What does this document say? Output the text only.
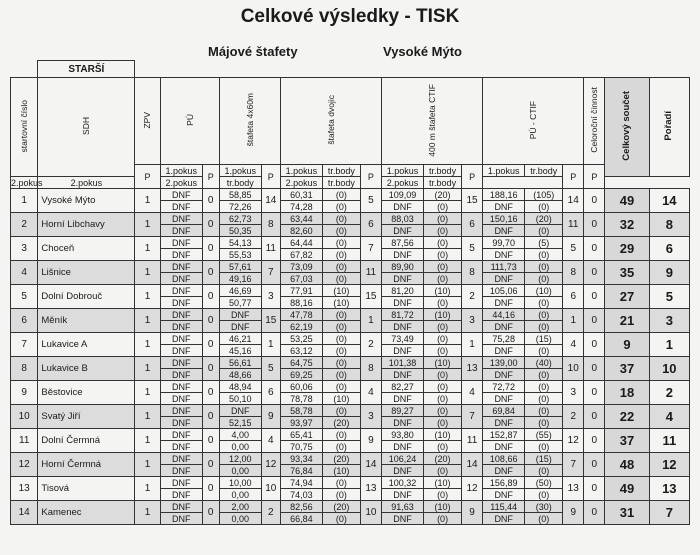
Celkové výsledky - TISK
Májové štafety	Vysoké Mýto
	STARŠÍ																	
startovní číslo	SDH	ZPV	PÚ		štafeta 4x60m		štafeta dvojic			400 m štafeta CTIF			PÚ - CTIF			Celoroční činnost	Celkový součet	Pořadí
		P	1.pokus	P	1.pokus	P	1.pokus	tr.body	P	1.pokus	tr.body	P	1.pokus	tr.body	P	P		
2.pokus	2.pokus		2.pokus		tr.body		2.pokus	tr.body		2.pokus	tr.body							
1	Vysoké Mýto	1	DNF	0	58,85	14	60,31	(0)	5	109,09	(20)	15	188,16	(105)	14	0	49	14
			DNF		72,26		74,28	(0)		DNF	(0)		DNF	(0)				
2	Horní Libchavy	1	DNF	0	62,73	8	63,44	(0)	6	88,03	(0)	6	150,16	(20)	11	0	32	8
			DNF		50,35		82,60	(0)		DNF	(0)		DNF	(0)				
3	Choceň	1	DNF	0	54,13	11	64,44	(0)	7	87,56	(0)	5	99,70	(5)	5	0	29	6
			DNF		55,53		67,82	(0)		DNF	(0)		DNF	(0)				
4	Lišnice	1	DNF	0	57,61	7	73,09	(0)	11	89,90	(0)	8	111,73	(0)	8	0	35	9
			DNF		49,16		67,03	(0)		DNF	(0)		DNF	(0)				
5	Dolní Dobrouč	1	DNF	0	46,69	3	77,91	(10)	15	81,20	(10)	2	105,06	(10)	6	0	27	5
			DNF		50,77		88,16	(10)		DNF	(0)		DNF	(0)				
6	Měník	1	DNF	0	DNF	15	47,78	(0)	1	81,72	(10)	3	44,16	(0)	1	0	21	3
			DNF		DNF		62,19	(0)		DNF	(0)		DNF	(0)				
7	Lukavice A	1	DNF	0	46,21	1	53,25	(0)	2	73,49	(0)	1	75,28	(15)	4	0	9	1
			DNF		45,16		63,12	(0)		DNF	(0)		DNF	(0)				
8	Lukavice B	1	DNF	0	56,61	5	64,75	(0)	8	101,38	(10)	13	139,00	(40)	10	0	37	10
			DNF		48,66		69,25	(0)		DNF	(0)		DNF	(0)				
9	Běstovice	1	DNF	0	48,94	6	60,06	(0)	4	82,27	(0)	4	72,72	(0)	3	0	18	2
			DNF		50,10		78,78	(10)		DNF	(0)		DNF	(0)				
10	Svatý Jiří	1	DNF	0	DNF	9	58,78	(0)	3	89,27	(0)	7	69,84	(0)	2	0	22	4
			DNF		52,15		93,97	(20)		DNF	(0)		DNF	(0)				
11	Dolní Čermná	1	DNF	0	4,00	4	65,41	(0)	9	93,80	(10)	11	152,87	(55)	12	0	37	11
			DNF		0,00		70,75	(0)		DNF	(0)		DNF	(0)				
12	Horní Čermná	1	DNF	0	12,00	12	93,34	(20)	14	106,24	(20)	14	108,66	(15)	7	0	48	12
			DNF		0,00		76,84	(10)		DNF	(0)		DNF	(0)				
13	Tisová	1	DNF	0	10,00	10	74,94	(0)	13	100,32	(10)	12	156,89	(50)	13	0	49	13
			DNF		0,00		74,03	(0)		DNF	(0)		DNF	(0)				
14	Kamenec	1	DNF	0	2,00	2	82,56	(20)	10	91,63	(10)	9	115,44	(30)	9	0	31	7
			DNF		0,00		66,84	(0)		DNF	(0)		DNF	(0)				
